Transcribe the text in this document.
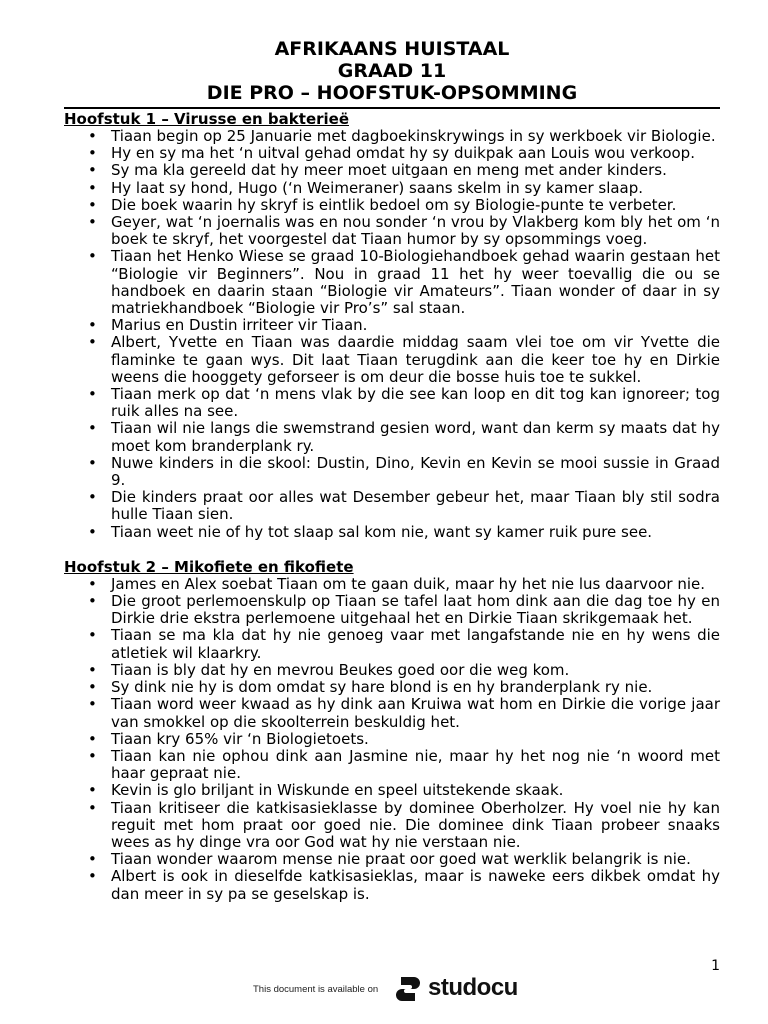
AFRIKAANS HUISTAAL
GRAAD 11
DIE PRO – HOOFSTUK-OPSOMMING
Hoofstuk 1 – Virusse en bakterieë
• Tiaan begin op 25 Januarie met dagboekinskrywings in sy werkboek vir Biologie.
• Hy en sy ma het ‘n uitval gehad omdat hy sy duikpak aan Louis wou verkoop.
• Sy ma kla gereeld dat hy meer moet uitgaan en meng met ander kinders.
• Hy laat sy hond, Hugo (‘n Weimeraner) saans skelm in sy kamer slaap.
• Die boek waarin hy skryf is eintlik bedoel om sy Biologie-punte te verbeter.
• Geyer, wat ‘n joernalis was en nou sonder ‘n vrou by Vlakberg kom bly het om ‘n boek te skryf, het voorgestel dat Tiaan humor by sy opsommings voeg.
• Tiaan het Henko Wiese se graad 10-Biologiehandboek gehad waarin gestaan het “Biologie vir Beginners”. Nou in graad 11 het hy weer toevallig die ou se handboek en daarin staan “Biologie vir Amateurs”. Tiaan wonder of daar in sy matriekhandboek “Biologie vir Pro’s” sal staan.
• Marius en Dustin irriteer vir Tiaan.
• Albert, Yvette en Tiaan was daardie middag saam vlei toe om vir Yvette die flaminke te gaan wys. Dit laat Tiaan terugdink aan die keer toe hy en Dirkie weens die hooggety geforseer is om deur die bosse huis toe te sukkel.
• Tiaan merk op dat ‘n mens vlak by die see kan loop en dit tog kan ignoreer; tog ruik alles na see.
• Tiaan wil nie langs die swemstrand gesien word, want dan kerm sy maats dat hy moet kom branderplank ry.
• Nuwe kinders in die skool: Dustin, Dino, Kevin en Kevin se mooi sussie in Graad 9.
• Die kinders praat oor alles wat Desember gebeur het, maar Tiaan bly stil sodra hulle Tiaan sien.
• Tiaan weet nie of hy tot slaap sal kom nie, want sy kamer ruik pure see.
Hoofstuk 2 – Mikofiete en fikofiete
• James en Alex soebat Tiaan om te gaan duik, maar hy het nie lus daarvoor nie.
• Die groot perlemoenskulp op Tiaan se tafel laat hom dink aan die dag toe hy en Dirkie drie ekstra perlemoene uitgehaal het en Dirkie Tiaan skrikgemaak het.
• Tiaan se ma kla dat hy nie genoeg vaar met langafstande nie en hy wens die atletiek wil klaarkry.
• Tiaan is bly dat hy en mevrou Beukes goed oor die weg kom.
• Sy dink nie hy is dom omdat sy hare blond is en hy branderplank ry nie.
• Tiaan word weer kwaad as hy dink aan Kruiwa wat hom en Dirkie die vorige jaar van smokkel op die skoolterrein beskuldig het.
• Tiaan kry 65% vir ‘n Biologietoets.
• Tiaan kan nie ophou dink aan Jasmine nie, maar hy het nog nie ‘n woord met haar gepraat nie.
• Kevin is glo briljant in Wiskunde en speel uitstekende skaak.
• Tiaan kritiseer die katkisasieklasse by dominee Oberholzer. Hy voel nie hy kan reguit met hom praat oor goed nie. Die dominee dink Tiaan probeer snaaks wees as hy dinge vra oor God wat hy nie verstaan nie.
• Tiaan wonder waarom mense nie praat oor goed wat werklik belangrik is nie.
• Albert is ook in dieselfde katkisasieklas, maar is naweke eers dikbek omdat hy dan meer in sy pa se geselskap is.
1
This document is available on studocu
